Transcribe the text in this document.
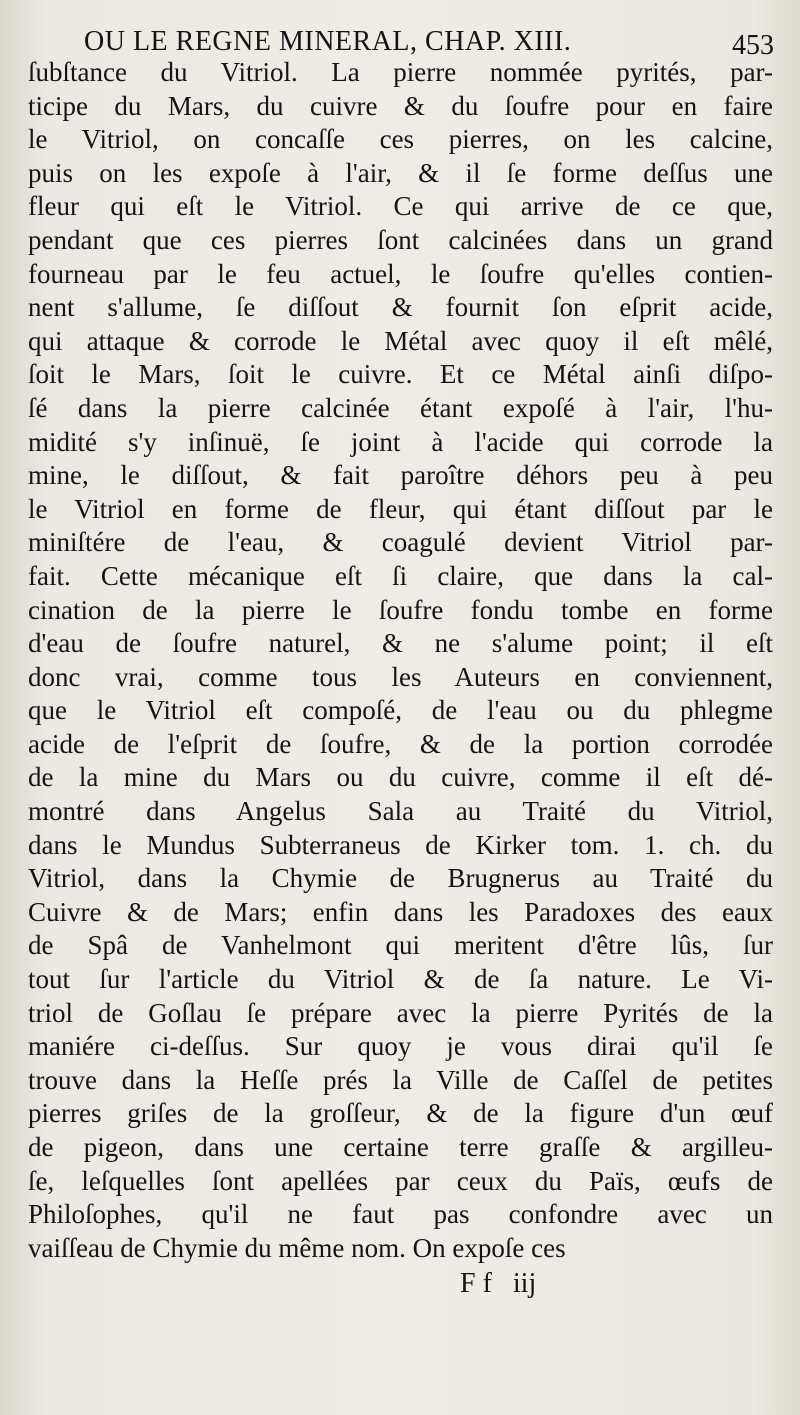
OU LE REGNE MINERAL, CHAP. XIII.	453
ſubſtance du Vitriol. La pierre nommée pyrités, par-
ticipe du Mars, du cuivre & du ſoufre pour en faire
le Vitriol, on concaſſe ces pierres, on les calcine,
puis on les expoſe à l'air, & il ſe forme deſſus une
fleur qui eſt le Vitriol. Ce qui arrive de ce que,
pendant que ces pierres ſont calcinées dans un grand
fourneau par le feu actuel, le ſoufre qu'elles contien-
nent s'allume, ſe diſſout & fournit ſon eſprit acide,
qui attaque & corrode le Métal avec quoy il eſt mêlé,
ſoit le Mars, ſoit le cuivre. Et ce Métal ainſi diſpo-
ſé dans la pierre calcinée étant expoſé à l'air, l'hu-
midité s'y inſinuë, ſe joint à l'acide qui corrode la
mine, le diſſout, & fait paroître déhors peu à peu
le Vitriol en forme de fleur, qui étant diſſout par le
miniſtére de l'eau, & coagulé devient Vitriol par-
fait. Cette mécanique eſt ſi claire, que dans la cal-
cination de la pierre le ſoufre fondu tombe en forme
d'eau de ſoufre naturel, & ne s'alume point; il eſt
donc vrai, comme tous les Auteurs en conviennent,
que le Vitriol eſt compoſé, de l'eau ou du phlegme
acide de l'eſprit de ſoufre, & de la portion corrodée
de la mine du Mars ou du cuivre, comme il eſt dé-
montré dans Angelus Sala au Traité du Vitriol,
dans le Mundus Subterraneus de Kirker tom. 1. ch. du
Vitriol, dans la Chymie de Brugnerus au Traité du
Cuivre & de Mars; enfin dans les Paradoxes des eaux
de Spâ de Vanhelmont qui meritent d'être lûs, ſur
tout ſur l'article du Vitriol & de ſa nature. Le Vi-
triol de Goſlau ſe prépare avec la pierre Pyrités de la
maniére ci-deſſus. Sur quoy je vous dirai qu'il ſe
trouve dans la Heſſe prés la Ville de Caſſel de petites
pierres griſes de la groſſeur, & de la figure d'un œuf
de pigeon, dans une certaine terre graſſe & argilleu-
ſe, leſquelles ſont apellées par ceux du Païs, œufs de
Philoſophes, qu'il ne faut pas confondre avec un
vaiſſeau de Chymie du même nom. On expoſe ces
F f   iij
